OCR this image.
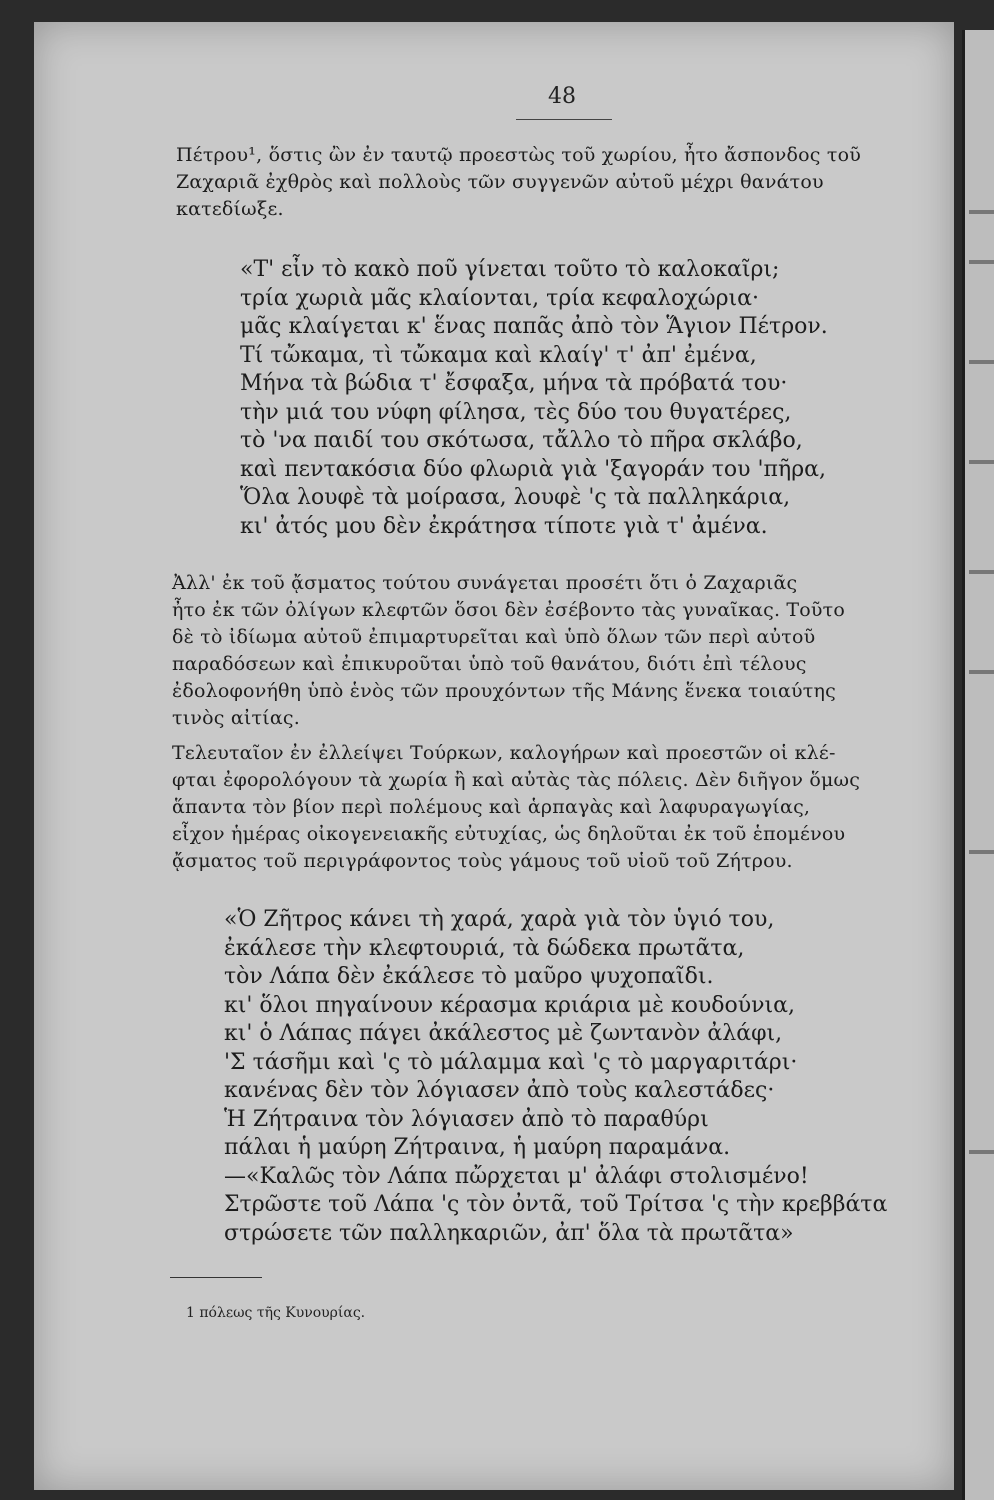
48
Πέτρου¹, ὅστις ὢν ἐν ταυτῷ προεστὼς τοῦ χωρίου, ἦτο ἄσπονδος τοῦ
Ζαχαριᾶ ἐχθρὸς καὶ πολλοὺς τῶν συγγενῶν αὐτοῦ μέχρι θανάτου
κατεδίωξε.
«Τ' εἶν τὸ κακὸ ποῦ γίνεται τοῦτο τὸ καλοκαῖρι;
τρία χωριὰ μᾶς κλαίονται, τρία κεφαλοχώρια·
μᾶς κλαίγεται κ' ἕνας παπᾶς ἀπὸ τὸν Ἅγιον Πέτρον.
Τί τὤκαμα, τὶ τὤκαμα καὶ κλαίγ' τ' ἀπ' ἐμένα,
Μήνα τὰ βώδια τ' ἔσφαξα, μήνα τὰ πρόβατά του·
τὴν μιά του νύφη φίλησα, τὲς δύο του θυγατέρες,
τὸ 'να παιδί του σκότωσα, τἄλλο τὸ πῆρα σκλάβο,
καὶ πεντακόσια δύο φλωριὰ γιὰ 'ξαγοράν του 'πῆρα,
Ὅλα λουφὲ τὰ μοίρασα, λουφὲ 'ς τὰ παλληκάρια,
κι' ἀτός μου δὲν ἐκράτησα τίποτε γιὰ τ' ἀμένα.
Ἀλλ' ἐκ τοῦ ᾄσματος τούτου συνάγεται προσέτι ὅτι ὁ Ζαχαριᾶς
ἦτο ἐκ τῶν ὀλίγων κλεφτῶν ὅσοι δὲν ἐσέβοντο τὰς γυναῖκας. Τοῦτο
δὲ τὸ ἰδίωμα αὐτοῦ ἐπιμαρτυρεῖται καὶ ὑπὸ ὅλων τῶν περὶ αὐτοῦ
παραδόσεων καὶ ἐπικυροῦται ὑπὸ τοῦ θανάτου, διότι ἐπὶ τέλους
ἐδολοφονήθη ὑπὸ ἑνὸς τῶν προυχόντων τῆς Μάνης ἕνεκα τοιαύτης
τινὸς αἰτίας.
Τελευταῖον ἐν ἐλλείψει Τούρκων, καλογήρων καὶ προεστῶν οἱ κλέ-
φται ἐφορολόγουν τὰ χωρία ἢ καὶ αὐτὰς τὰς πόλεις. Δὲν διῆγον ὅμως
ἅπαντα τὸν βίον περὶ πολέμους καὶ ἁρπαγὰς καὶ λαφυραγωγίας,
εἶχον ἡμέρας οἰκογενειακῆς εὐτυχίας, ὡς δηλοῦται ἐκ τοῦ ἑπομένου
ᾄσματος τοῦ περιγράφοντος τοὺς γάμους τοῦ υἱοῦ τοῦ Ζήτρου.
«Ὁ Ζῆτρος κάνει τὴ χαρά, χαρὰ γιὰ τὸν ὑγιό του,
ἐκάλεσε τὴν κλεφτουριά, τὰ δώδεκα πρωτᾶτα,
τὸν Λάπα δὲν ἐκάλεσε τὸ μαῦρο ψυχοπαῖδι.
κι' ὅλοι πηγαίνουν κέρασμα κριάρια μὲ κουδούνια,
κι' ὁ Λάπας πάγει ἀκάλεστος μὲ ζωντανὸν ἀλάφι,
'Σ τάσῆμι καὶ 'ς τὸ μάλαμμα καὶ 'ς τὸ μαργαριτάρι·
κανένας δὲν τὸν λόγιασεν ἀπὸ τοὺς καλεστάδες·
Ἡ Ζήτραινα τὸν λόγιασεν ἀπὸ τὸ παραθύρι
πάλαι ἡ μαύρη Ζήτραινα, ἡ μαύρη παραμάνα.
—«Καλῶς τὸν Λάπα πὤρχεται μ' ἀλάφι στολισμένο!
Στρῶστε τοῦ Λάπα 'ς τὸν ὀντᾶ, τοῦ Τρίτσα 'ς τὴν κρεββάτα
στρώσετε τῶν παλληκαριῶν, ἀπ' ὅλα τὰ πρωτᾶτα»
1 πόλεως τῆς Κυνουρίας.
